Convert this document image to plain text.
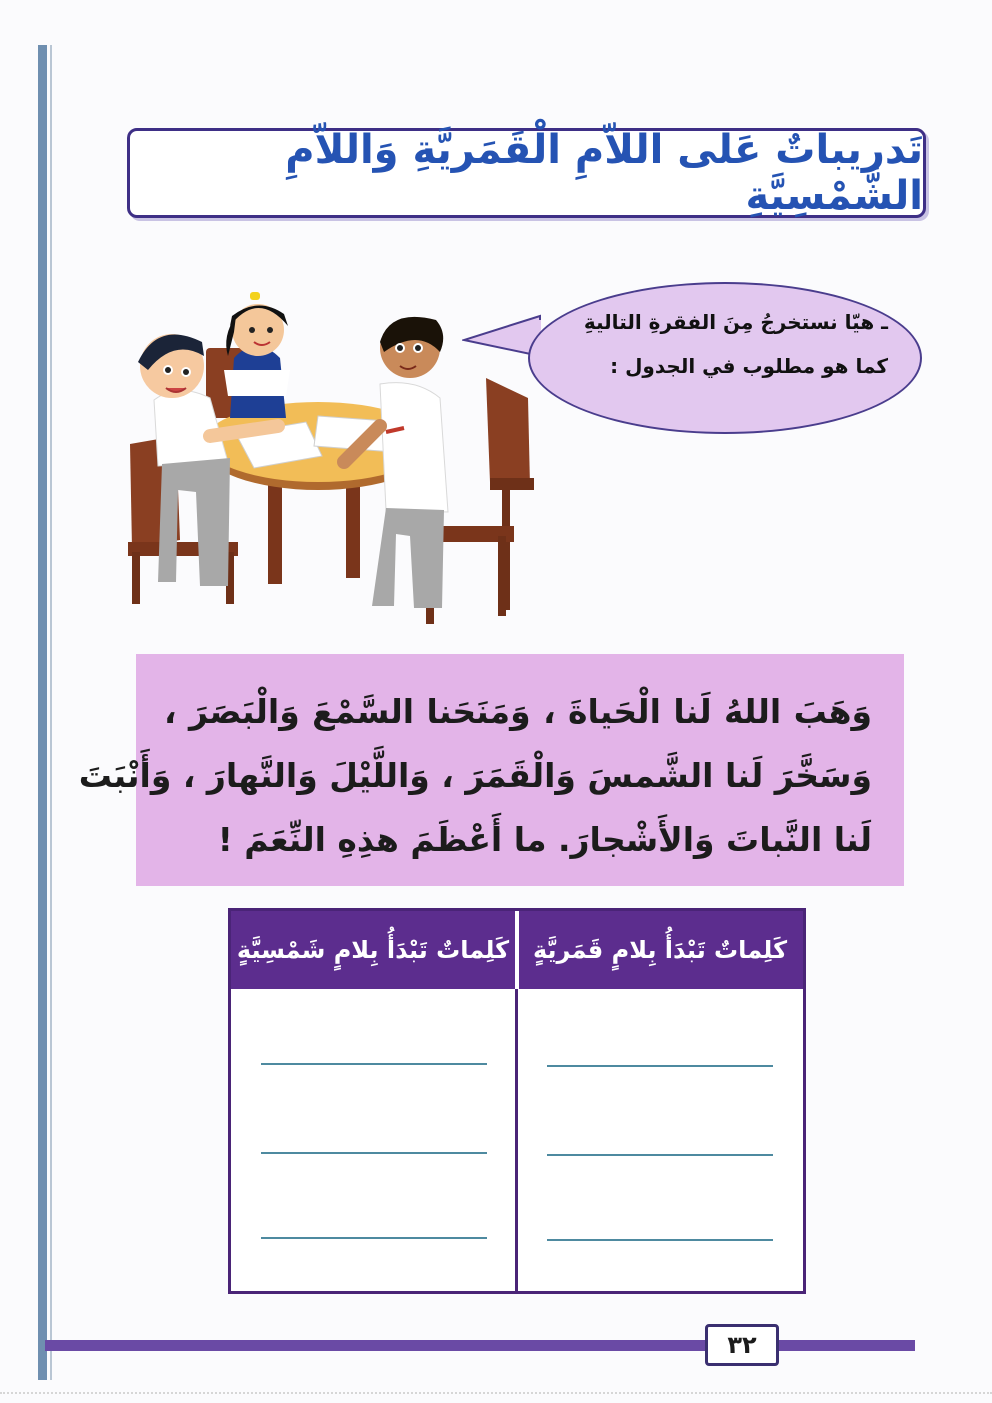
تَدريباتٌ عَلى اللاّمِ الْقَمَريَّةِ وَاللاّمِ الشَّمْسِيَّةِ
ـ هيّا نستخرجُ مِنَ الفقرةِ التاليةِ
كما هو مطلوب في الجدول :
وَهَبَ اللهُ لَنا الْحَياةَ ، وَمَنَحَنا السَّمْعَ وَالْبَصَرَ ،
وَسَخَّرَ لَنا الشَّمسَ وَالْقَمَرَ ، وَاللَّيْلَ وَالنَّهارَ ، وَأَنْبَتَ
لَنا النَّباتَ وَالأَشْجارَ. ما أَعْظَمَ هذِهِ النِّعَمَ !
كَلِماتٌ تَبْدَأُ بِلامٍ قَمَريَّةٍ
كَلِماتٌ تَبْدَأُ بِلامٍ شَمْسِيَّةٍ
٣٢
